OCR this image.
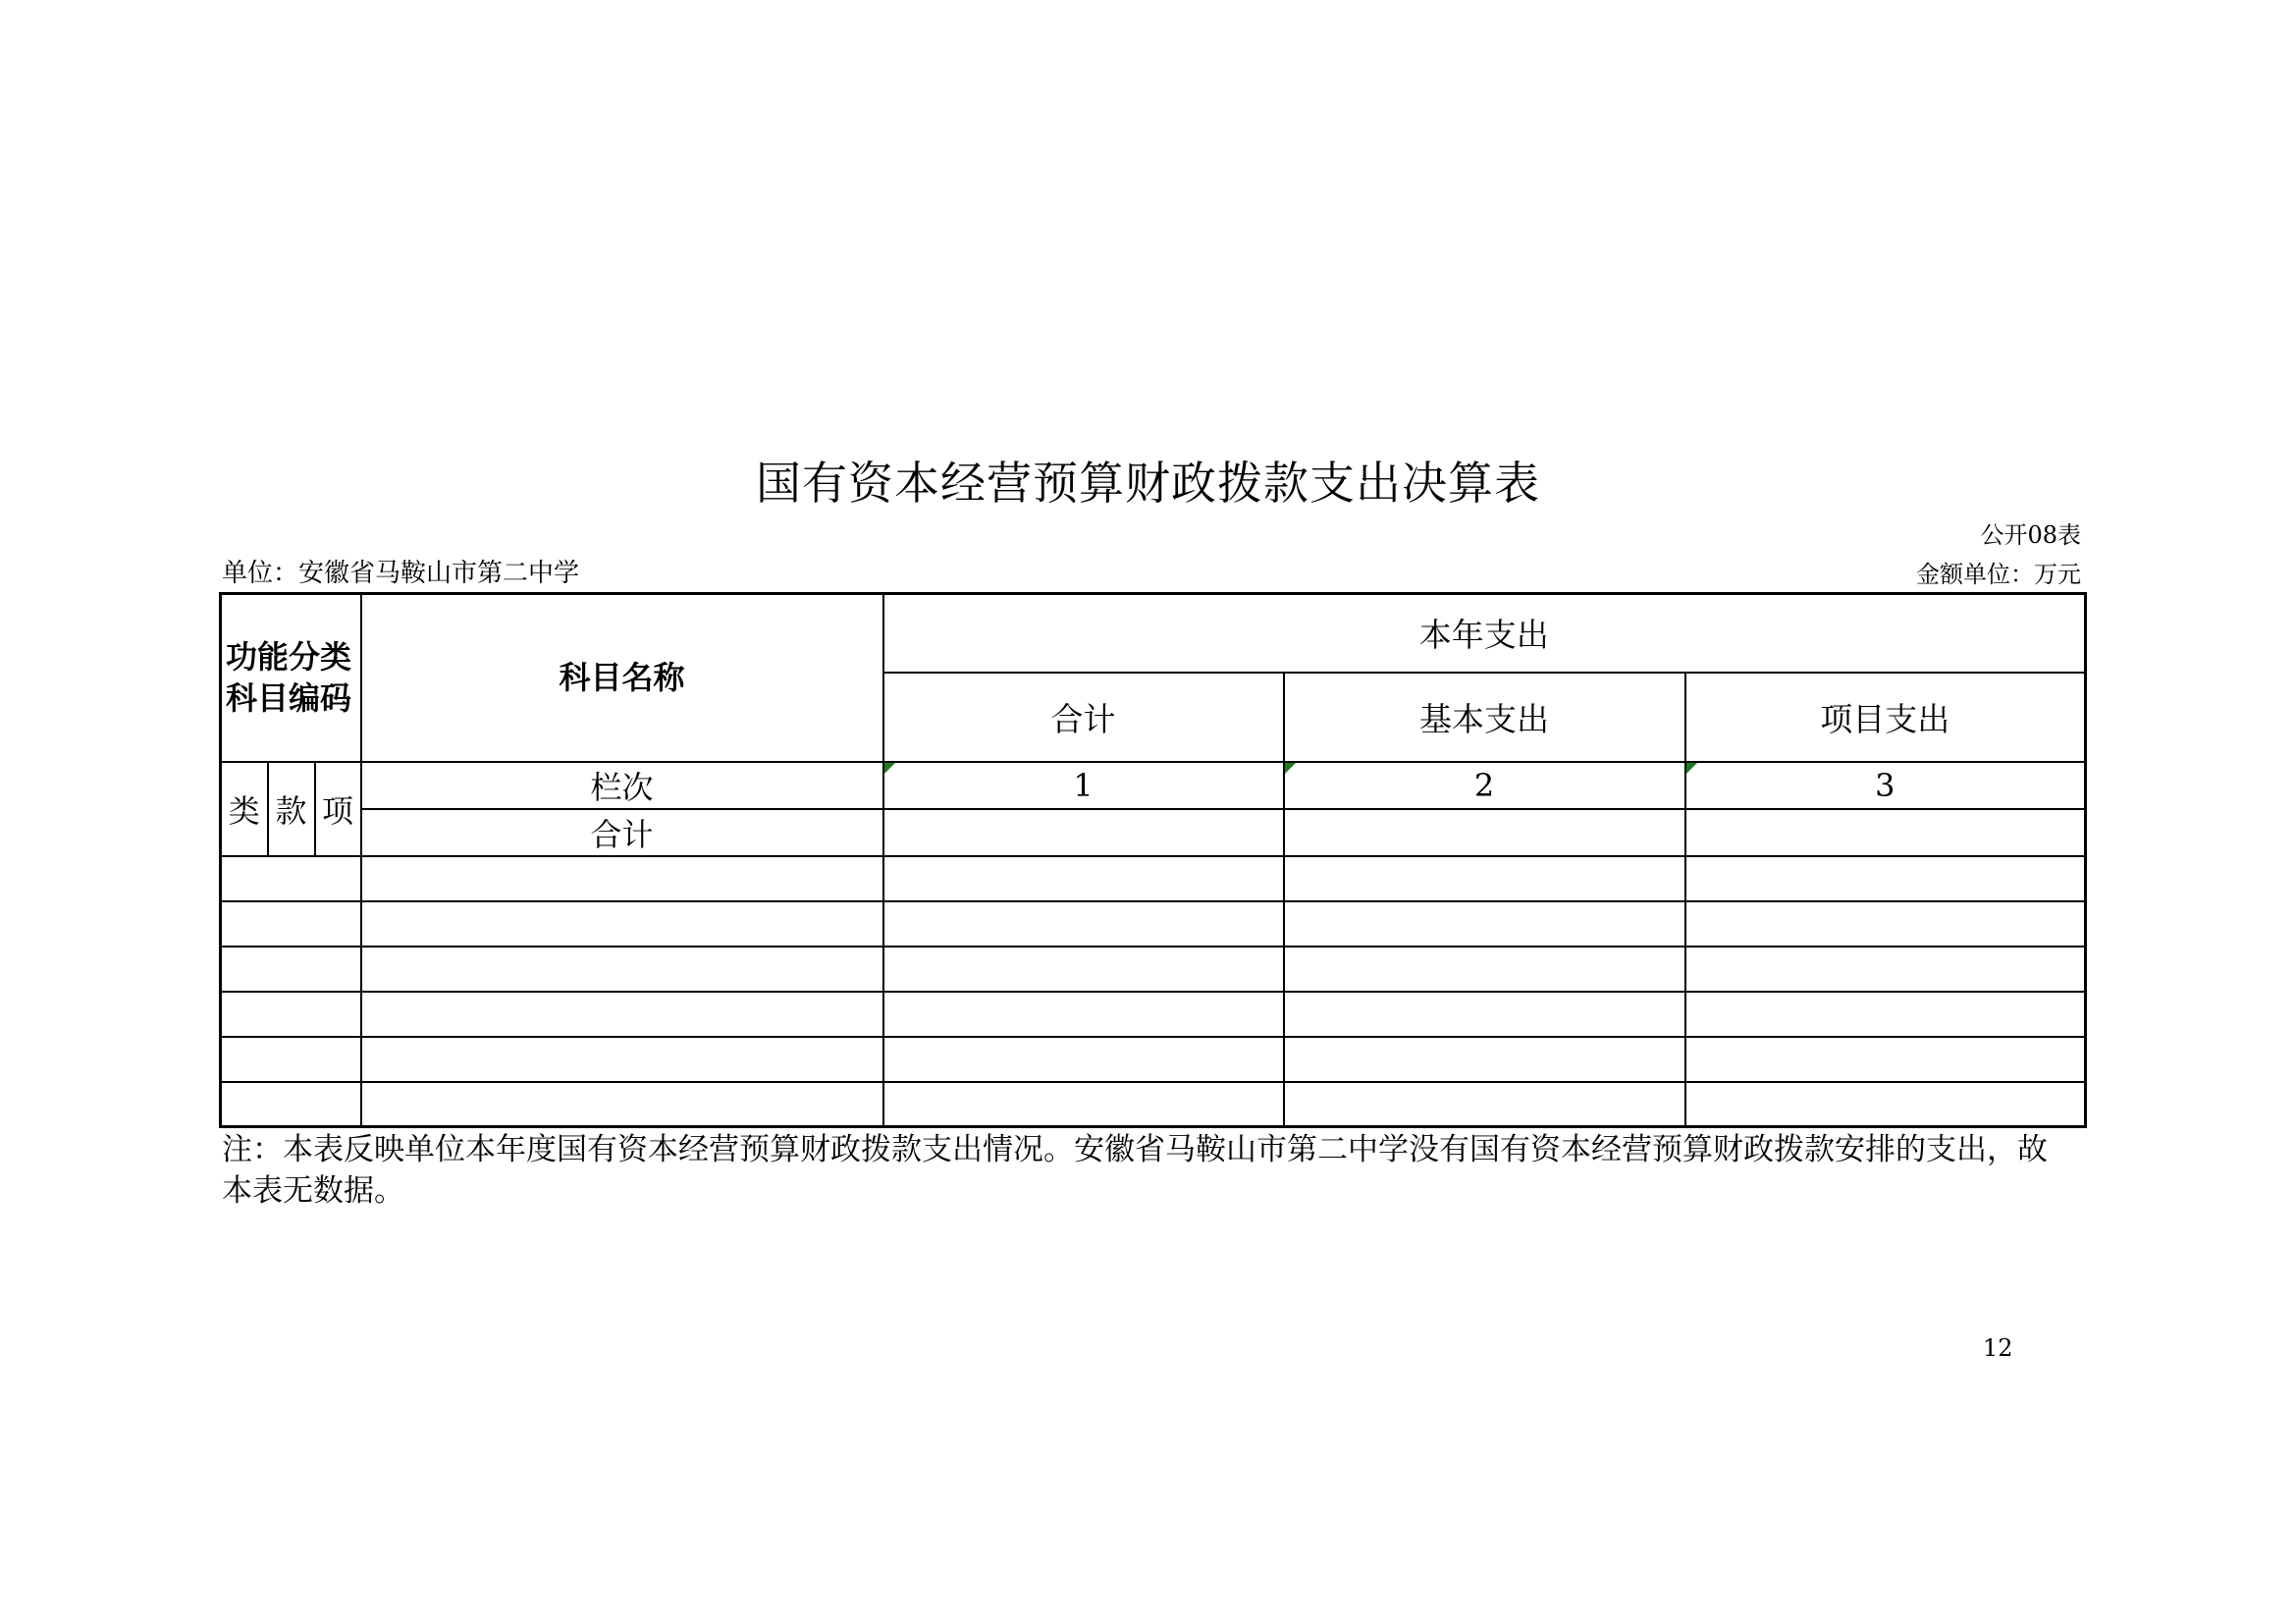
国有资本经营预算财政拨款支出决算表
公开08表
单位：安徽省马鞍山市第二中学	金额单位：万元
功能分类
科目编码			科目名称	本年支出		
				合计	基本支出	项目支出
类	款	项	栏次	1	2	3
			合计			

注：本表反映单位本年度国有资本经营预算财政拨款支出情况。安徽省马鞍山市第二中学没有国有资本经营预算财政拨款安排的支出，故本表无数据。
12
